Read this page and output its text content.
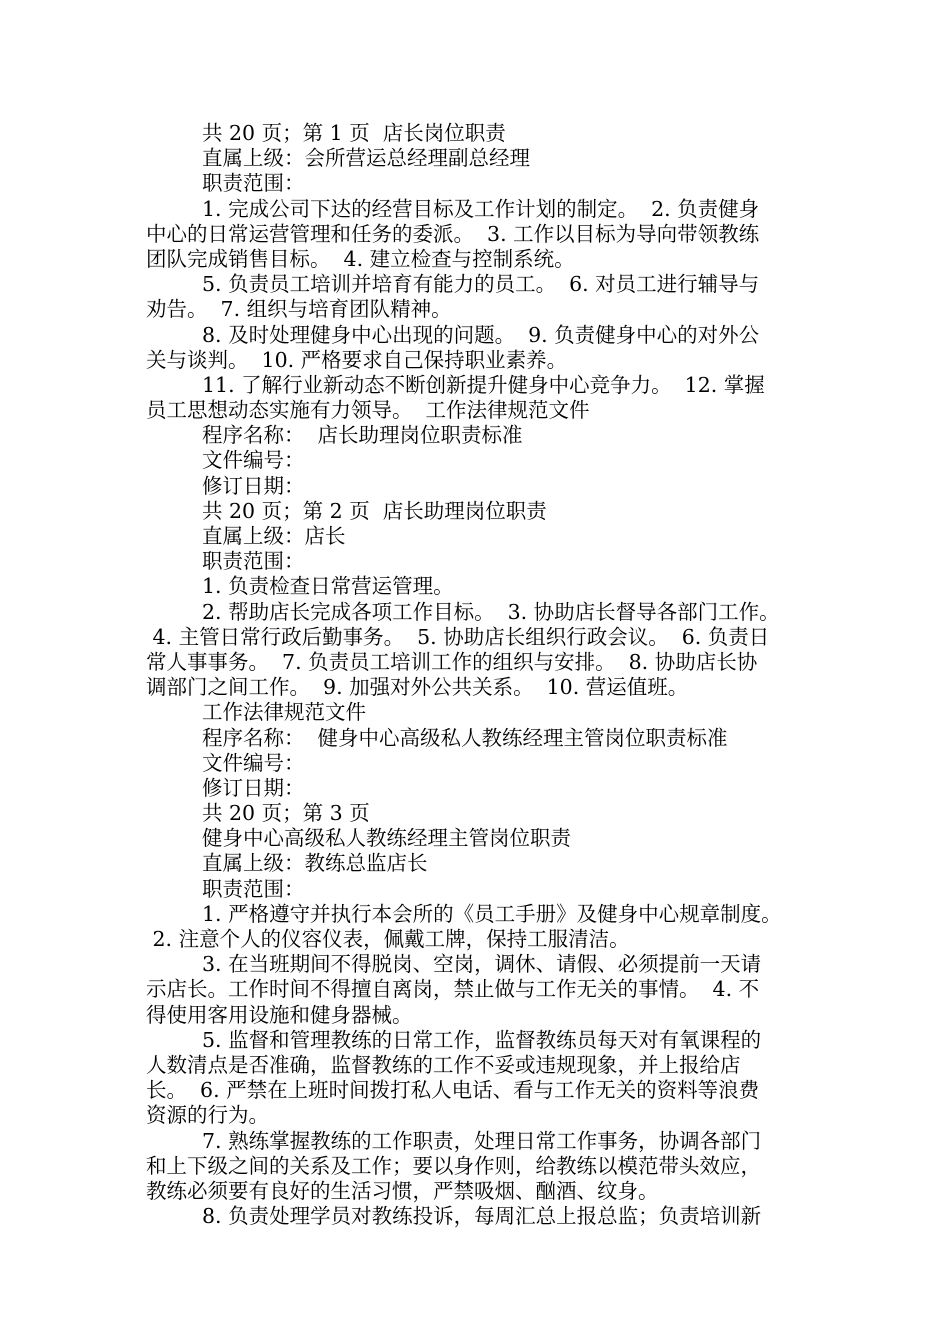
共 20 页；第 1 页  店长岗位职责
直属上级：会所营运总经理副总经理
职责范围：
1. 完成公司下达的经营目标及工作计划的制定。  2. 负责健身
中心的日常运营管理和任务的委派。  3. 工作以目标为导向带领教练
团队完成销售目标。  4. 建立检查与控制系统。
5. 负责员工培训并培育有能力的员工。  6. 对员工进行辅导与
劝告。  7. 组织与培育团队精神。
8. 及时处理健身中心出现的问题。  9. 负责健身中心的对外公
关与谈判。  10. 严格要求自己保持职业素养。
11. 了解行业新动态不断创新提升健身中心竞争力。  12. 掌握
员工思想动态实施有力领导。  工作法律规范文件
程序名称：  店长助理岗位职责标准
文件编号：
修订日期：
共 20 页；第 2 页  店长助理岗位职责
直属上级：店长
职责范围：
1. 负责检查日常营运管理。
2. 帮助店长完成各项工作目标。  3. 协助店长督导各部门工作。
4. 主管日常行政后勤事务。  5. 协助店长组织行政会议。  6. 负责日
常人事事务。  7. 负责员工培训工作的组织与安排。  8. 协助店长协
调部门之间工作。  9. 加强对外公共关系。  10. 营运值班。
工作法律规范文件
程序名称：  健身中心高级私人教练经理主管岗位职责标准
文件编号：
修订日期：
共 20 页；第 3 页
健身中心高级私人教练经理主管岗位职责
直属上级：教练总监店长
职责范围：
1. 严格遵守并执行本会所的《员工手册》及健身中心规章制度。
2. 注意个人的仪容仪表，佩戴工牌，保持工服清洁。
3. 在当班期间不得脱岗、空岗，调休、请假、必须提前一天请
示店长。工作时间不得擅自离岗，禁止做与工作无关的事情。  4. 不
得使用客用设施和健身器械。
5. 监督和管理教练的日常工作，监督教练员每天对有氧课程的
人数清点是否准确，监督教练的工作不妥或违规现象，并上报给店
长。  6. 严禁在上班时间拨打私人电话、看与工作无关的资料等浪费
资源的行为。
7. 熟练掌握教练的工作职责，处理日常工作事务，协调各部门
和上下级之间的关系及工作；要以身作则，给教练以模范带头效应，
教练必须要有良好的生活习惯，严禁吸烟、酗酒、纹身。
8. 负责处理学员对教练投诉，每周汇总上报总监；负责培训新
